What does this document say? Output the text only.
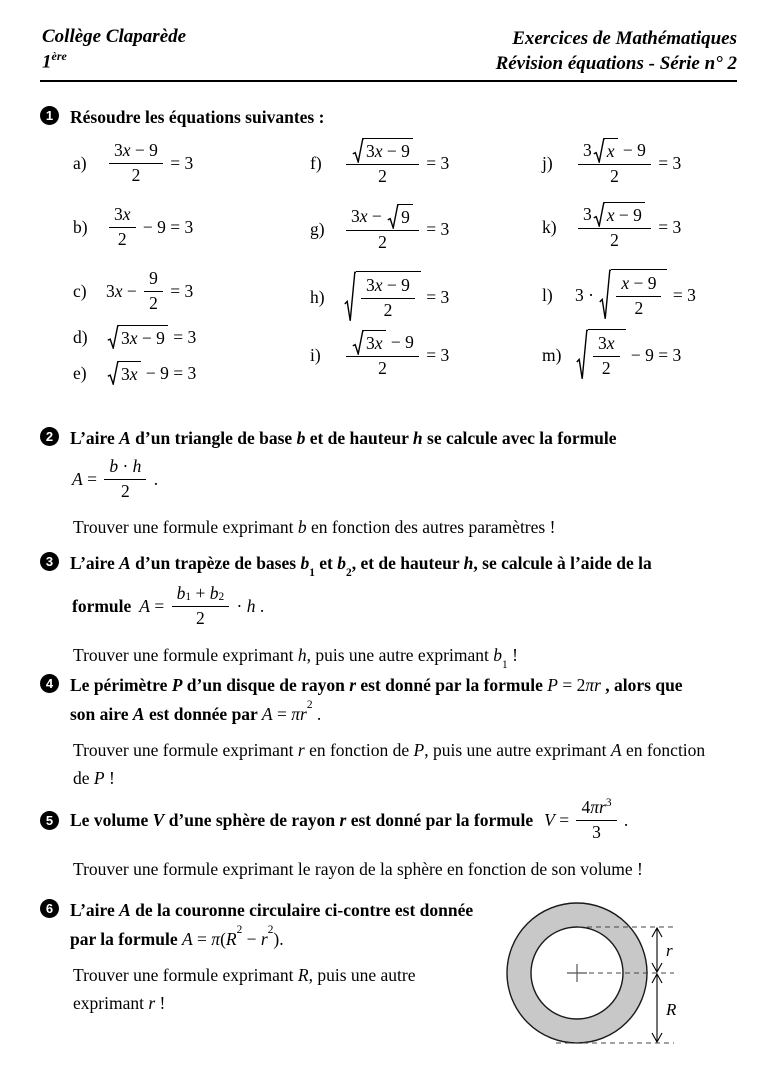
Collège Claparède
1ère
Exercices de Mathématiques
Révision équations - Série n° 2
1 Résoudre les équations suivantes :
a)	$\frac{3x - 9}{2} = 3$
b)	$\frac{3x}{2} - 9 = 3$
c)	$3x - \frac{9}{2} = 3$
d)	3x − 9 = 3
e)	3x − 9 = 3
f)	$\frac{3x - 9}{2} = 3$
g)	$\frac{3x - 9}{2} = 3$
h)	$\frac{3x - 9}{2} = 3$
i)	$\frac{3x - 9}{2} = 3$
j)	$\frac{3 x - 9}{2} = 3$
k)	$\frac{3 x - 9}{2} = 3$
l)	$3 \cdot \frac{x - 9}{2} = 3$
m)	$\frac{3x}{2} - 9 = 3$
2 L’aire A d’un triangle de base b et de hauteur h se calcule avec la formule
$A = \frac{b \cdot h}{2}$ .
Trouver une formule exprimant b en fonction des autres paramètres !
3 L’aire A d’un trapèze de bases $b_1$ et $b_2$, et de hauteur h, se calcule à l’aide de la
formule $A = \frac{b_1 + b_2}{2} \cdot h$ .
Trouver une formule exprimant h, puis une autre exprimant $b_1$ !
4 Le périmètre P d’un disque de rayon r est donné par la formule P = 2πr , alors que son aire A est donnée par $A = \pi r^2$ .
Trouver une formule exprimant r en fonction de P, puis une autre exprimant A en fonction de P !
5 Le volume V d’une sphère de rayon r est donné par la formule $V = \frac{4\pi r^3}{3}$ .
Trouver une formule exprimant le rayon de la sphère en fonction de son volume !
6 L’aire A de la couronne circulaire ci-contre est donnée par la formule $A = \pi(R^2 - r^2)$.
Trouver une formule exprimant R, puis une autre exprimant r !
r
R
